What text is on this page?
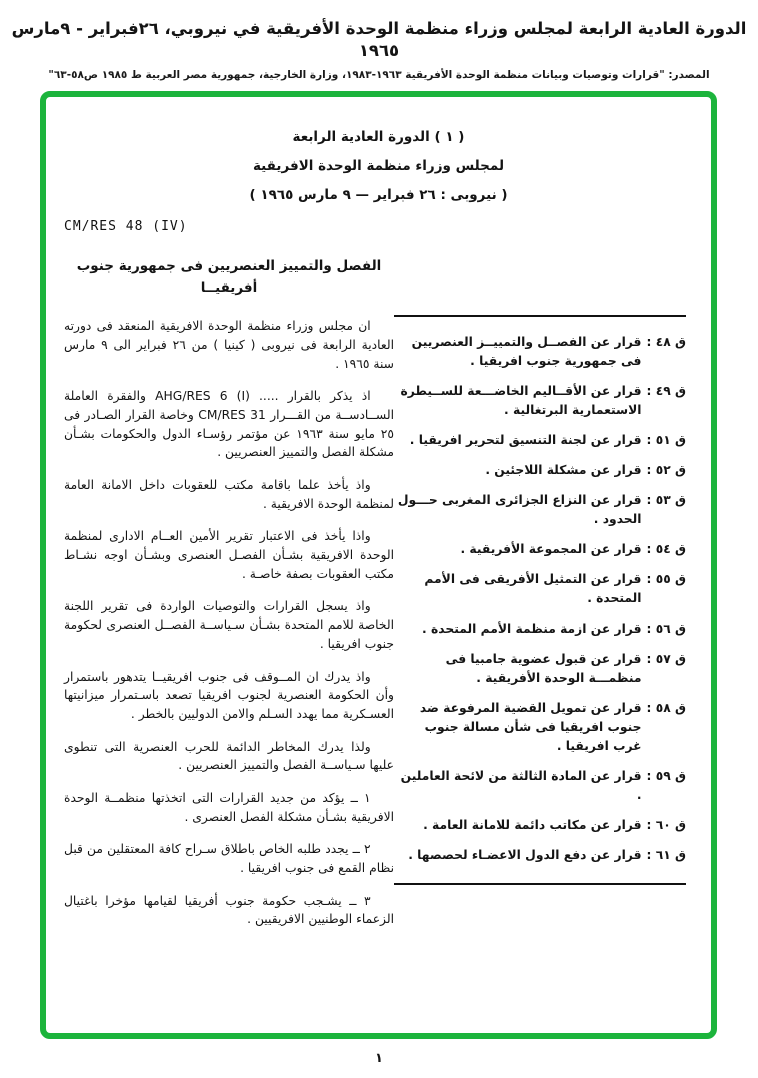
الدورة العادية الرابعة لمجلس وزراء منظمة الوحدة الأفريقية في نيروبي، ٢٦فبراير - ٩مارس ١٩٦٥
المصدر: "قرارات وتوصيات وبيانات منظمة الوحدة الأفريقية ١٩٦٣-١٩٨٣، وزارة الخارجية، جمهورية مصر العربية ط ١٩٨٥ ص٥٨-٦٣"
( ١ ) الدورة العادية الرابعة
لمجلس وزراء منظمة الوحدة الافريقية
( نيروبى : ٢٦ فبراير — ٩ مارس ١٩٦٥ )
CM/RES 48 (IV)
الفصل والتمييز العنصريين فى جمهورية جنوب أفريقيــا

ان مجلس وزراء منظمة الوحدة الافريقية المنعقد فى دورته العادية الرابعة فى نيروبى ( كينيا ) من ٢٦ فبراير الى ٩ مارس سنة ١٩٦٥ .

اذ يذكر بالقرار ..... AHG/RES 6 (I) والفقرة العاملة الســادســة من القـــرار CM/RES 31 وخاصة القرار الصـادر فى ٢٥ مايو سنة ١٩٦٣ عن مؤتمر رؤسـاء الدول والحكومات بشـأن مشكلة الفصل والتمييز العنصريين .

واذ يأخذ علما باقامة مكتب للعقوبات داخل الامانة العامة لمنظمة الوحدة الافريقية .

واذا يأخذ فى الاعتبار تقرير الأمين العــام الادارى لمنظمة الوحدة الافريقية بشـأن الفصـل العنصرى وبشـأن اوجه نشـاط مكتب العقوبات بصفة خاصـة .

واذ يسجل القرارات والتوصيات الواردة فى تقرير اللجنة الخاصة للامم المتحدة بشـأن سـياســة الفصــل العنصرى لحكومة جنوب افريقيا .

واذ يدرك ان المــوقف فى جنوب افريقيــا يتدهور باستمرار وأن الحكومة العنصرية لجنوب افريقيا تصعد باسـتمرار ميزانيتها العسـكرية مما يهدد السـلم والامن الدوليين بالخطر .

ولذا يدرك المخاطر الدائمة للحرب العنصرية التى تنطوى عليها سـياســة الفصل والتمييز العنصريين .

١ ــ يؤكد من جديد القرارات التى اتخذتها منظمــة الوحدة الافريقية بشـأن مشكلة الفصل العنصرى .

٢ ــ يجدد طلبه الخاص باطلاق سـراح كافة المعتقلين من قبل نظام القمع فى جنوب افريقيا .

٣ ــ يشـجب حكومة جنوب أفريقيا لقيامها مؤخرا باغتيال الزعماء الوطنيين الافريقيين .

ق ٤٨ :
قرار عن الفصــل والتمييــز العنصريين فى جمهورية جنوب افريقيا .
ق ٤٩ :
قرار عن الأقــاليم الخاضـــعة للســيطرة الاستعمارية البرتغالية .
ق ٥١ :
قرار عن لجنة التنسيق لتحرير افريقيا .
ق ٥٢ :
قرار عن مشكلة اللاجئين .
ق ٥٣ :
قرار عن النزاع الجزائرى المغربى حـــول الحدود .
ق ٥٤ :
قرار عن المجموعة الأفريقية .
ق ٥٥ :
قرار عن التمثيل الأفريقى فى الأمم المتحدة .
ق ٥٦ :
قرار عن ازمة منظمة الأمم المتحدة .
ق ٥٧ :
قرار عن قبول عضوية جامبيا فى منظمـــة الوحدة الأفريقية .
ق ٥٨ :
قرار عن تمويل القضية المرفوعة ضد جنوب افريقيا فى شأن مسالة جنوب غرب افريقيا .
ق ٥٩ :
قرار عن المادة الثالثة من لائحة العاملين .
ق ٦٠ :
قرار عن مكاتب دائمة للامانة العامة .
ق ٦١ :
قرار عن دفع الدول الاعضـاء لحصصها .
١
